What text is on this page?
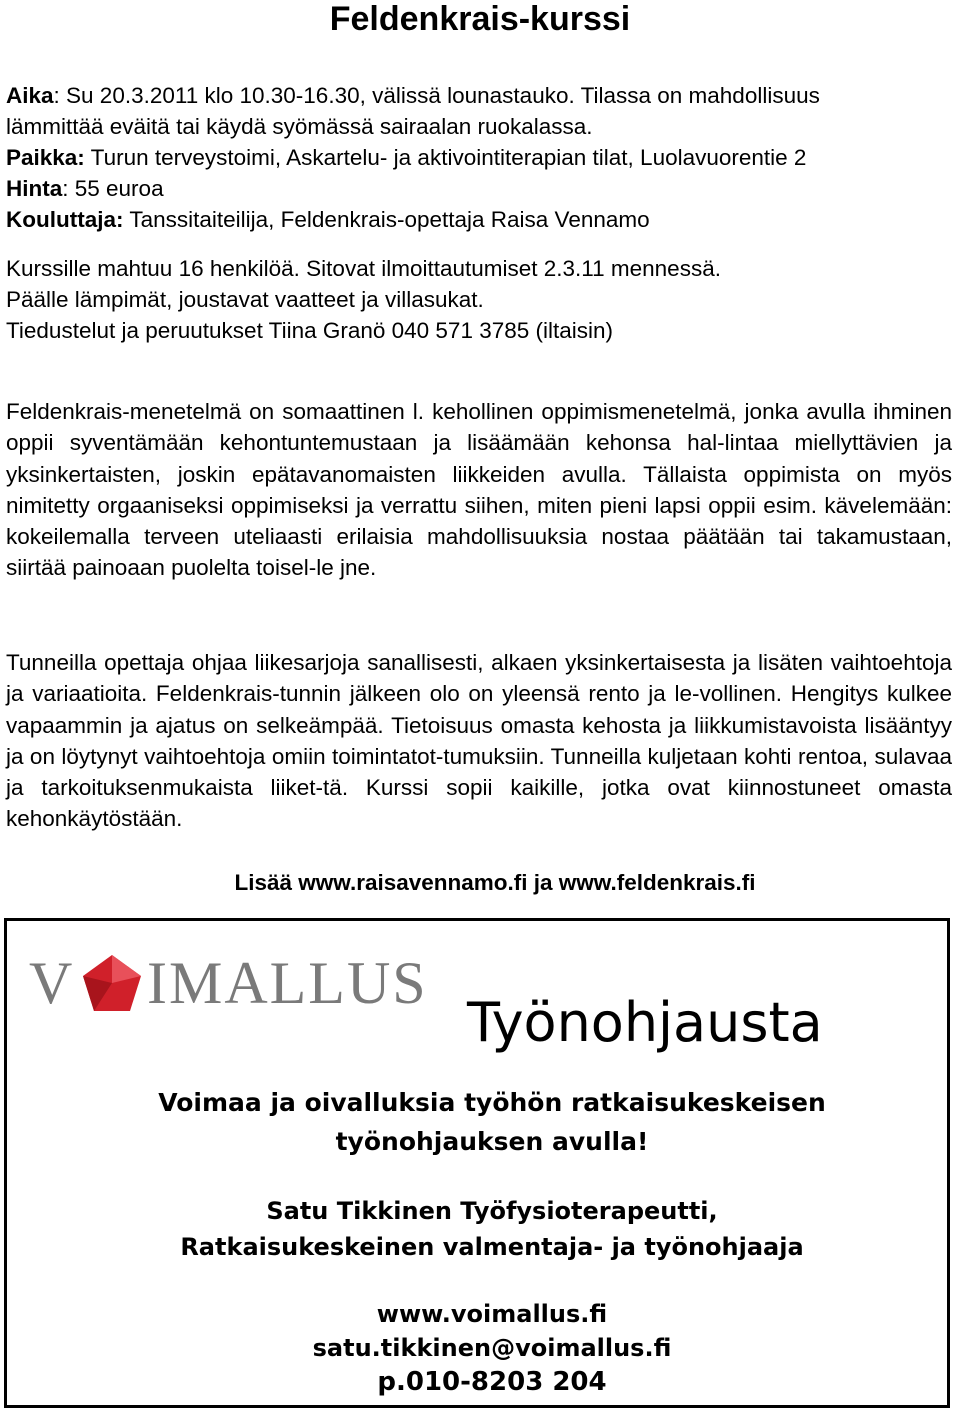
Feldenkrais-kurssi
Aika: Su 20.3.2011 klo 10.30-16.30, välissä lounastauko. Tilassa on mahdollisuus
lämmittää eväitä tai käydä syömässä sairaalan ruokalassa.
Paikka: Turun terveystoimi, Askartelu- ja aktivointiterapian tilat, Luolavuorentie 2
Hinta: 55 euroa
Kouluttaja: Tanssitaiteilija, Feldenkrais-opettaja Raisa Vennamo
Kurssille mahtuu 16 henkilöä. Sitovat ilmoittautumiset 2.3.11 mennessä.
Päälle lämpimät, joustavat vaatteet ja villasukat.
Tiedustelut ja peruutukset Tiina Granö 040 571 3785 (iltaisin)
Feldenkrais-menetelmä on somaattinen l. kehollinen oppimismenetelmä, jonka avulla ihminen oppii syventämään kehontuntemustaan ja lisäämään kehonsa hal-lintaa miellyttävien ja yksinkertaisten, joskin epätavanomaisten liikkeiden avulla. Tällaista oppimista on myös nimitetty orgaaniseksi oppimiseksi ja verrattu siihen, miten pieni lapsi oppii esim. kävelemään: kokeilemalla terveen uteliaasti erilaisia mahdollisuuksia nostaa päätään tai takamustaan, siirtää painoaan puolelta toisel-le jne.
Tunneilla opettaja ohjaa liikesarjoja sanallisesti, alkaen yksinkertaisesta ja lisäten vaihtoehtoja ja variaatioita. Feldenkrais-tunnin jälkeen olo on yleensä rento ja le-vollinen. Hengitys kulkee vapaammin ja ajatus on selkeämpää. Tietoisuus omasta kehosta ja liikkumistavoista lisääntyy ja on löytynyt vaihtoehtoja omiin toimintatot-tumuksiin. Tunneilla kuljetaan kohti rentoa, sulavaa ja tarkoituksenmukaista liiket-tä. Kurssi sopii kaikille, jotka ovat kiinnostuneet omasta kehonkäytöstään.
Lisää www.raisavennamo.fi ja www.feldenkrais.fi
V IMALLUS
Työnohjausta
Voimaa ja oivalluksia työhön ratkaisukeskeisen
työnohjauksen avulla!
Satu Tikkinen Työfysioterapeutti,
Ratkaisukeskeinen valmentaja- ja työnohjaaja
www.voimallus.fi
satu.tikkinen@voimallus.fi
p.010-8203 204
